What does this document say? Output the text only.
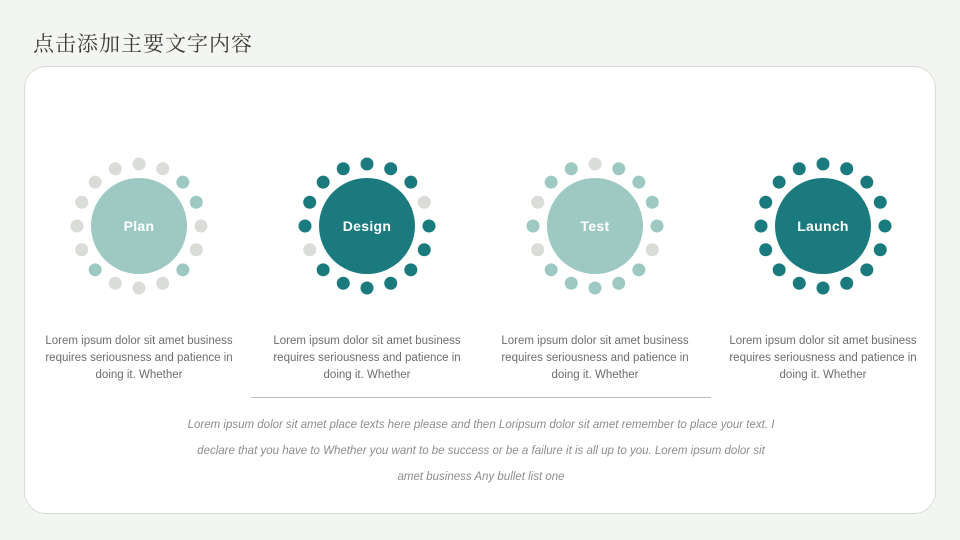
点击添加主要文字内容
Plan
Lorem ipsum dolor sit amet business requires seriousness and patience in doing it. Whether
Design
Lorem ipsum dolor sit amet business requires seriousness and patience in doing it. Whether
Test
Lorem ipsum dolor sit amet business requires seriousness and patience in doing it. Whether
Launch
Lorem ipsum dolor sit amet business requires seriousness and patience in doing it. Whether
Lorem ipsum dolor sit amet place texts here please and then Loripsum dolor sit amet remember to place your text. I declare that you have to Whether you want to be success or be a failure it is all up to you. Lorem ipsum dolor sit amet business Any bullet list one
